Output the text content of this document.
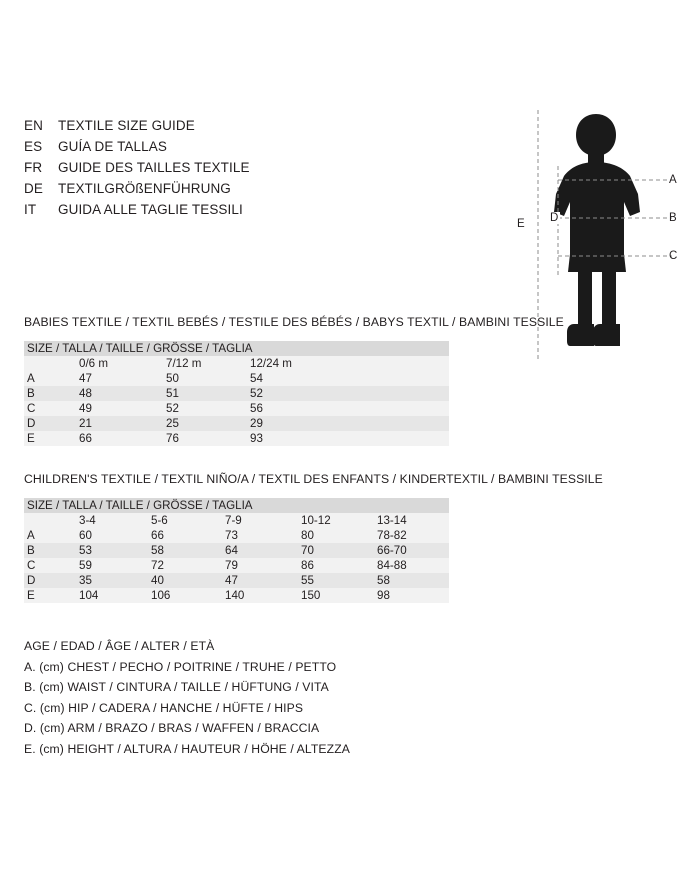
EN	TEXTILE SIZE GUIDE
ES	GUÍA DE TALLAS
FR	GUIDE DES TAILLES TEXTILE
DE	TEXTILGRÖßENFÜHRUNG
IT	GUIDA ALLE TAGLIE TESSILI
A
B
C
D
E
BABIES TEXTILE / TEXTIL BEBÉS / TESTILE DES BÉBÉS / BABYS TEXTIL / BAMBINI TESSILE
SIZE / TALLA / TAILLE / GRÖSSE / TAGLIA			
	0/6 m	7/12 m	12/24 m
A	47	50	54
B	48	51	52
C	49	52	56
D	21	25	29
E	66	76	93
CHILDREN'S TEXTILE / TEXTIL NIÑO/A / TEXTIL DES ENFANTS / KINDERTEXTIL / BAMBINI TESSILE
SIZE / TALLA / TAILLE / GRÖSSE / TAGLIA					
	3-4	5-6	7-9	10-12	13-14
A	60	66	73	80	78-82
B	53	58	64	70	66-70
C	59	72	79	86	84-88
D	35	40	47	55	58
E	104	106	140	150	98
AGE / EDAD / ÂGE / ALTER / ETÀ
A. (cm) CHEST / PECHO / POITRINE / TRUHE / PETTO
B. (cm) WAIST / CINTURA / TAILLE / HÜFTUNG / VITA
C. (cm) HIP / CADERA / HANCHE / HÜFTE / HIPS
D. (cm) ARM / BRAZO / BRAS / WAFFEN / BRACCIA
E. (cm) HEIGHT / ALTURA / HAUTEUR / HÖHE / ALTEZZA
